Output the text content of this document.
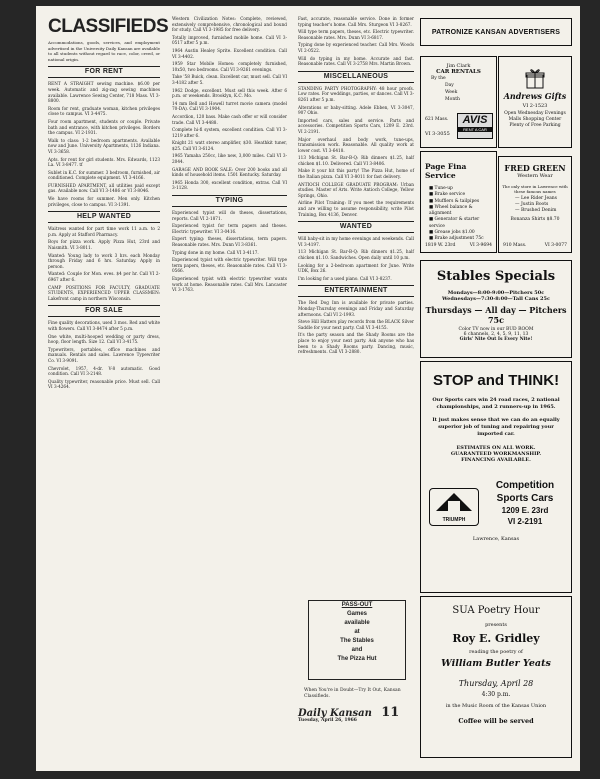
CLASSIFIEDS

Accommodations, goods, services, and employment advertised in the University Daily Kansan are available to all students without regard to race, color, creed, or national origin.

FOR RENT

RENT A STRAIGHT sewing machine. $6.00 per week. Automatic and zig-zag sewing machines available. Lawrence Sewing Center, 718 Mass. VI 3-8800.

Room for rent, graduate woman, kitchen privileges close to campus. VI 3-4475.

Four room apartment, students or couple. Private bath and entrance, with kitchen privileges. Borders the campus. VI 2-1931.

Walk to class: 1-2 bedroom apartments. Available now and June. University Apartments, 1126 Indiana. VI 3-3658.

Apts. for rent for girl students. Mrs. Edwards, 1123 La. VI 3-8477. tf

Sublet in K.C. for summer. 3 bedroom, furnished, air conditioned. Complete equipment. VI 3-4166.

FURNISHED APARTMENT, all utilities paid except gas. Available now. Call VI 3-1486 or VI 3-8046.

We have rooms for summer. Men only. Kitchen privileges, close to campus. VI 3-1391.

HELP WANTED

Waitress wanted for part time work 11 a.m. to 2 p.m. Apply at Stafford Pharmacy.

Boys for pizza work. Apply Pizza Hut, 23rd and Naismith. VI 3-8011.

Wanted: Young lady to work 3 hrs. each Monday through Friday and 6 hrs. Saturday. Apply in person.

Wanted: Couple for Mon. eves. $4 per hr. Call VI 2-6967 after 6.

CAMP POSITIONS FOR FACULTY, GRADUATE STUDENTS, EXPERIENCED UPPER CLASSMEN: Lakefront camp in northern Wisconsin.

FOR SALE

Fine quality decorations, used 3 mos. Red and white with flowers. Call VI 3-8474 after 5 p.m.

One white, multi-hooped wedding or party dress, hoop, floor length. Size 12. Call VI 3-4175.

Typewriters, portables, office machines and manuals. Rentals and sales. Lawrence Typewriter Co. VI 3-9091.

Chevrolet, 1957, 4-dr. V-8 automatic. Good condition. Call VI 3-2148.

Quality typewriter, reasonable price. Must sell. Call VI 3-4264.

Western Civilization Notes: Complete, reviewed, extensively comprehensive, chronological and bound for study. Call VI 3-1985 for free delivery.

Totally improved, furnished mobile home. Call VI 3-0517 after 5 p.m.

1964 Austin Healey Sprite. Excellent condition. Call VI 3-4402.

1959 Star Mobile Homes: completely furnished, 10x50, two bedrooms. Call VI 3-9261 evenings.

Take '58 Buick, clean. Excellent car, must sell. Call VI 3-4182 after 5.

1962 Dodge, excellent. Must sell this week. After 6 p.m. or weekends. Brooklyn, K.C. Mo.

14 mm Bell and Howell turret movie camera (model 70-DA). Call VI 3-1904.

Accordion, 120 bass. Make cash offer or will consider trade. Call VI 3-4488.

Complete hi-fi system, excellent condition. Call VI 3-1219 after 6.

Knight 21 watt stereo amplifier, $30. Heathkit tuner, $25. Call VI 3-6124.

1965 Yamaha 250cc, like new, 3,000 miles. Call VI 3-2044.

GARAGE AND BOOK SALE: Over 200 books and all kinds of household items. 1501 Kentucky. Saturday.

1965 Honda 300, excellent condition, extras. Call VI 3-1128.

TYPING

Experienced typist will do theses, dissertations, reports. Call VI 2-1871.

Experienced typist for term papers and theses. Electric typewriter. VI 3-0416.

Expert typing: theses, dissertations, term papers. Reasonable rates. Mrs. Dunn VI 3-8361.

Typing done in my home. Call VI 3-4117.

Experienced typist with electric typewriter. Will type term papers, theses, etc. Reasonable rates. Call VI 3-0566.

Experienced typist with electric typewriter wants work at home. Reasonable rates. Call Mrs. Lancaster VI 3-1763.

Fast, accurate, reasonable service. Done in former typing teacher's home. Call Mrs. Sturgeon VI 3-8267.

Will type term papers, theses, etc. Electric typewriter. Reasonable rates. Mrs. Dunn VI 3-6817.

Typing done by experienced teacher. Call Mrs. Woods VI 2-0522.

Will do typing in my home. Accurate and fast. Reasonable rates. Call VI 3-2758 Mrs. Martin Brown.

MISCELLANEOUS

STANDING PARTY PHOTOGRAPHY: 48 hour proofs. Low rates. For weddings, parties, or dances. Call VI 3-8261 after 5 p.m.

Alterations or baby-sitting. Adele Ebben, VI 3-3047, 907 Ohio.

Imported cars, sales and service. Parts and accessories. Competition Sports Cars, 1209 E. 23rd. VI 2-2191.

Major overhaul and body work, tune-ups, transmission work. Reasonable. All quality work at lower cost. VI 3-6418.

113 Michigan St. Bar-B-Q: Rib dinners $1.25, half chicken $1.10. Delivered. Call VI 3-8406.

Make it your hit this party! The Pizza Hut, home of the Italian pizza. Call VI 3-8011 for fast delivery.

ANTIOCH COLLEGE GRADUATE PROGRAM: Urban studies. Master of Arts. Write Antioch College, Yellow Springs, Ohio.

Airline Pilot Training: If you meet the requirements and are willing to assume responsibility, write Pilot Training, Box 4136, Denver.

WANTED

Will baby-sit in my home evenings and weekends. Call VI 3-4197.

113 Michigan St. Bar-B-Q: Rib dinners $1.25, half chicken $1.10. Sandwiches. Open daily until 10 p.m.

Looking for a 2-bedroom apartment for June. Write UDK, Box 26.

I'm looking for a used piano. Call VI 3-8237.

ENTERTAINMENT

The Red Dog Inn is available for private parties. Monday-Thursday evenings and Friday and Saturday afternoons. Call VI 2-1993.

Steve Hill Hatters play records from the BLACK Silver Saddle for your next party. Call VI 3-4155.

It's the party season and the Shady Rooms are the place to enjoy your next party. Ask anyone who has been to a Shady Rooms party. Dancing, music, refreshments. Call VI 3-2880.

PASS-OUT
Games
available
at
The Stables
and
The Pizza Hut
When You're in Doubt—Try It Out, Kansan Classifieds.
Daily Kansan 11
Tuesday, April 26, 1966
PATRONIZE KANSAN ADVERTISERS
Jim Clark
CAR RENTALS
By the
Day
Week
Month
621 Mass.
VI 3-3055
AVIS
RENT A CAR
Andrews Gifts
VI 2-1523
Open Wednesday Evenings
Malls Shopping Center
Plenty of Free Parking
Page Fina Service
■ Tune-up
■ Brake service
■ Mufflers & tailpipes
■ Wheel balance & alignment
■ Generator & starter service
■ Grease jobs $1.00
■ Brake adjustment 75c
1819 W. 23rd	VI 3-9694
FRED GREEN
Western Wear
The only store in Lawrence with these famous names
— Lee Rider Jeans
— Justin Boots
— Brushed Denim
Bonanza Shirts $8.70
910 Mass.	VI 3-0077
Stables Specials
Mondays—8:00-9:00—Pitchers 50c
Wednesdays—7:30-8:00—Tall Cans 25c
Thursdays — All day — Pitchers 75c
Color TV now in our BUD ROOM
6 channels, 2, 4, 5, 9, 11, 13
Girls' Nite Out Is Every Nite!
STOP and THINK!
Our Sports cars win 24 road races, 2 national championships, and 2 runners-up in 1965.
It just makes sense that we can do an equally superior job of tuning and repairing your imported car.
ESTIMATES ON ALL WORK.
GUARANTEED WORKMANSHIP.
FINANCING AVAILABLE.
TRIUMPH
Competition
Sports Cars
1209 E. 23rd
VI 2-2191
Lawrence, Kansas
SUA Poetry Hour
presents
Roy E. Gridley
reading the poetry of
William Butler Yeats
Thursday, April 28
4:30 p.m.
in the Music Room of the Kansas Union
Coffee will be served
